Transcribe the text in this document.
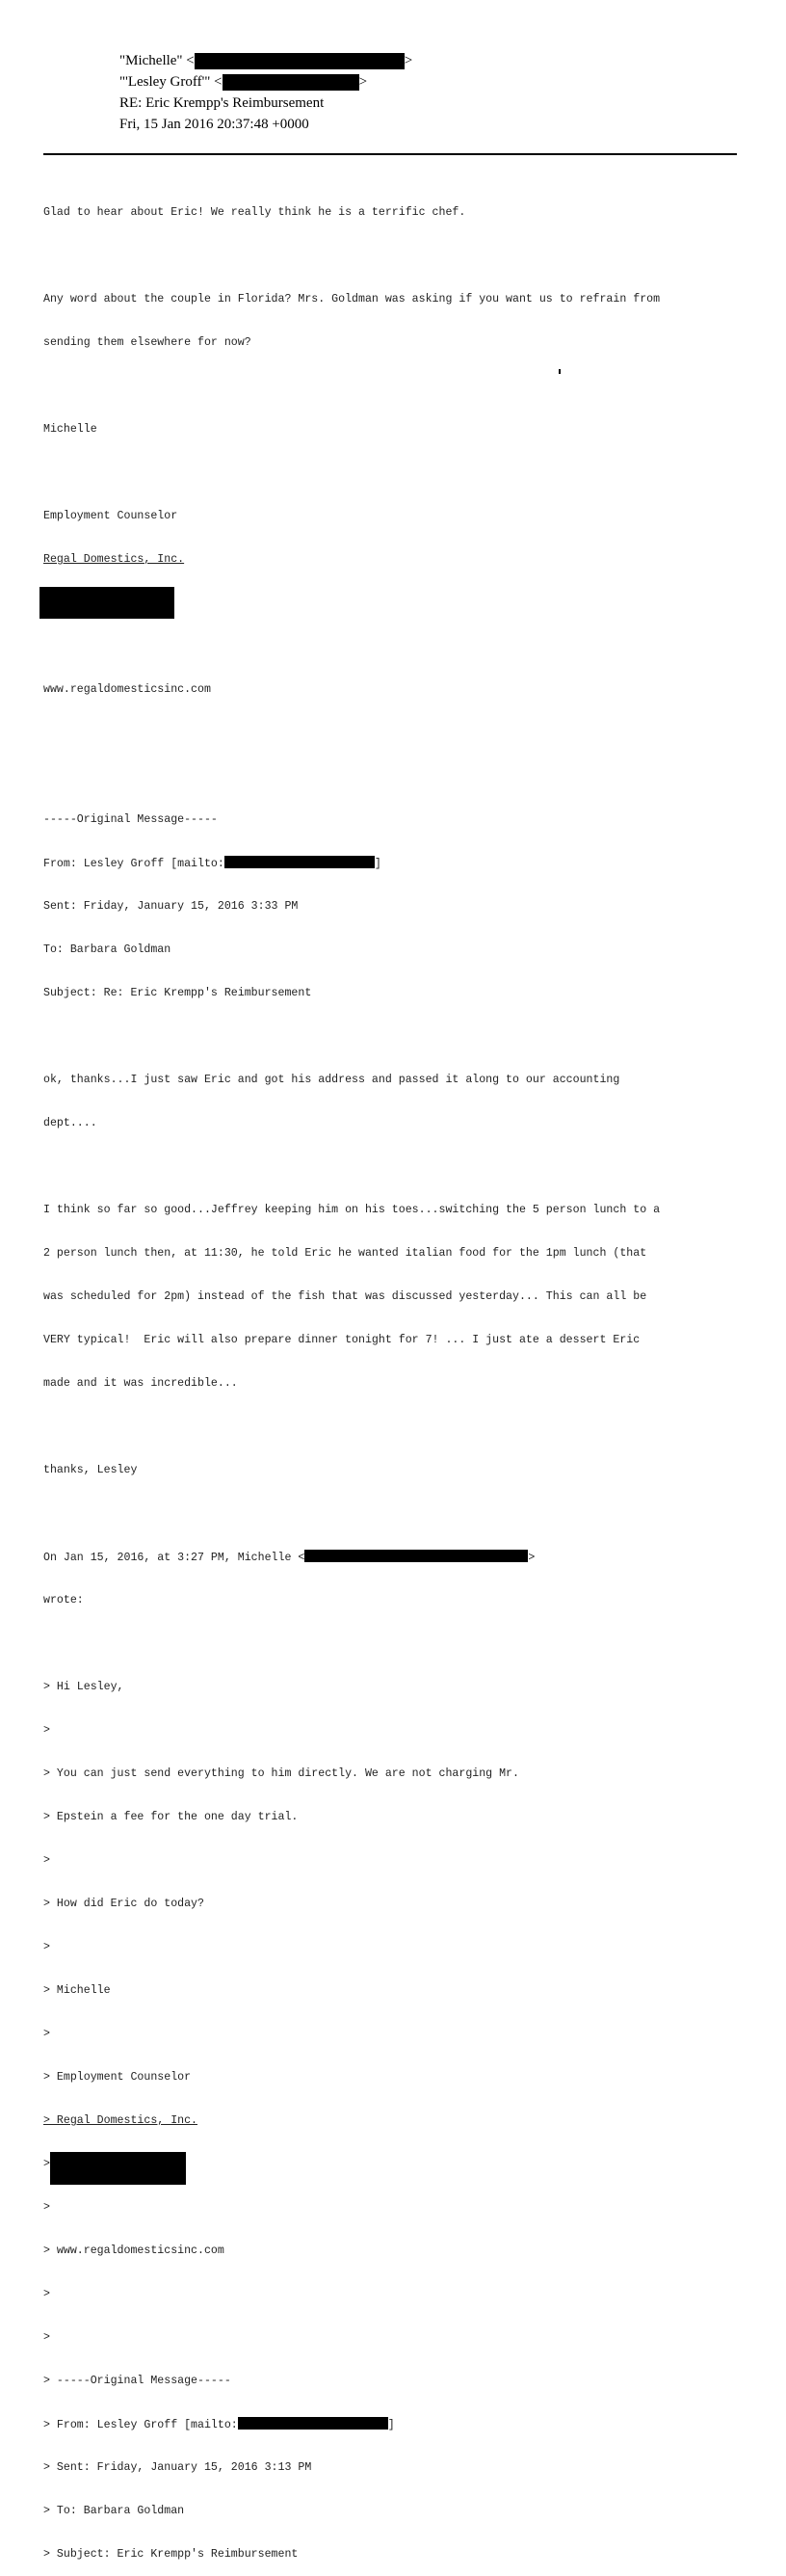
"Michelle" <	>
"'Lesley Groff'" <	>
RE: Eric Krempp's Reimbursement
Fri, 15 Jan 2016 20:37:48 +0000

Glad to hear about Eric! We really think he is a terrific chef.

Any word about the couple in Florida? Mrs. Goldman was asking if you want us to refrain from

sending them elsewhere for now?

Michelle

Employment Counselor

Regal Domestics, Inc.

www.regaldomesticsinc.com

-----Original Message-----

From: Lesley Groff [mailto:	]

Sent: Friday, January 15, 2016 3:33 PM

To: Barbara Goldman

Subject: Re: Eric Krempp's Reimbursement

ok, thanks...I just saw Eric and got his address and passed it along to our accounting

dept....

I think so far so good...Jeffrey keeping him on his toes...switching the 5 person lunch to a

2 person lunch then, at 11:30, he told Eric he wanted italian food for the 1pm lunch (that

was scheduled for 2pm) instead of the fish that was discussed yesterday... This can all be

VERY typical!  Eric will also prepare dinner tonight for 7! ... I just ate a dessert Eric

made and it was incredible...

thanks, Lesley

On Jan 15, 2016, at 3:27 PM, Michelle <	>

wrote:

> Hi Lesley,

>

> You can just send everything to him directly. We are not charging Mr.

> Epstein a fee for the one day trial.

>

> How did Eric do today?

>

> Michelle

>

> Employment Counselor

> Regal Domestics, Inc.

>

>

> www.regaldomesticsinc.com

>

>

> -----Original Message-----

> From: Lesley Groff [mailto:	]

> Sent: Friday, January 15, 2016 3:13 PM

> To: Barbara Goldman

> Subject: Eric Krempp's Reimbursement
